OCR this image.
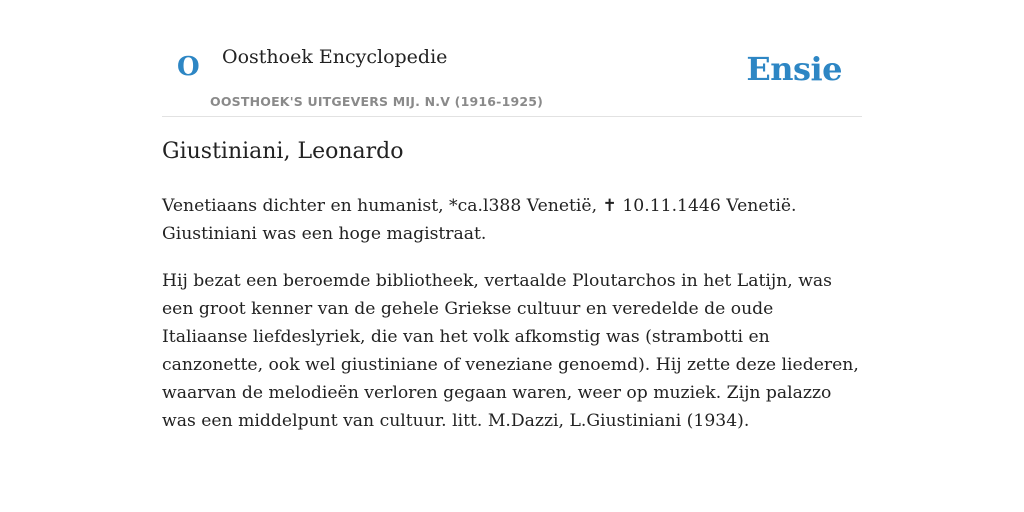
O Oosthoek Encyclopedie
OOSTHOEK'S UITGEVERS MIJ. N.V (1916-1925)
Ensie
Giustiniani, Leonardo

Venetiaans dichter en humanist, *ca.l388 Venetië, ✝ 10.11.1446 Venetië. Giustiniani was een hoge magistraat.

Hij bezat een beroemde bibliotheek, vertaalde Ploutarchos in het Latijn, was een groot kenner van de gehele Griekse cultuur en veredelde de oude Italiaanse liefdeslyriek, die van het volk afkomstig was (strambotti en canzonette, ook wel giustiniane of veneziane genoemd). Hij zette deze liederen, waarvan de melodieën verloren gegaan waren, weer op muziek. Zijn palazzo was een middelpunt van cultuur. litt. M.Dazzi, L.Giustiniani (1934).
